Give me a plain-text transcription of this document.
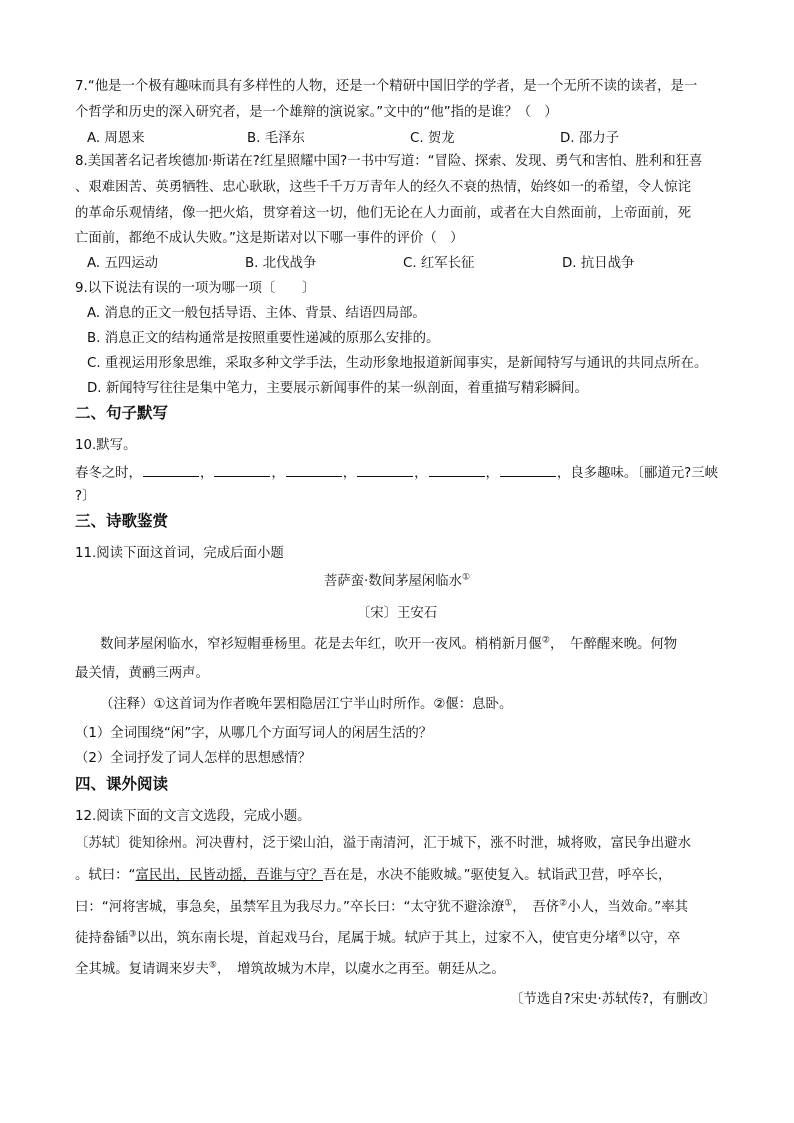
7.“他是一个极有趣味而具有多样性的人物，还是一个精研中国旧学的学者，是一个无所不读的读者，是一
个哲学和历史的深入研究者，是一个雄辩的演说家。”文中的“他”指的是谁？（　）
A. 周恩来	B. 毛泽东	C. 贺龙	D. 邵力子
8.美国著名记者埃德加·斯诺在?红星照耀中国?一书中写道：“冒险、探索、发现、勇气和害怕、胜利和狂喜
、艰难困苦、英勇牺牲、忠心耿耿，这些千千万万青年人的经久不衰的热情，始终如一的希望，令人惊诧
的革命乐观情绪，像一把火焰，贯穿着这一切，他们无论在人力面前，或者在大自然面前，上帝面前，死
亡面前，都绝不成认失败。”这是斯诺对以下哪一事件的评价（　）
A. 五四运动	B. 北伐战争	C. 红军长征	D. 抗日战争
9.以下说法有误的一项为哪一项〔　　〕
A. 消息的正文一般包括导语、主体、背景、结语四局部。
B. 消息正文的结构通常是按照重要性递减的原那么安排的。
C. 重视运用形象思维，采取多种文学手法，生动形象地报道新闻事实，是新闻特写与通讯的共同点所在。
D. 新闻特写往往是集中笔力，主要展示新闻事件的某一纵剖面，着重描写精彩瞬间。
二、句子默写
10.默写。
春冬之时，	，	，	，	，	，	，良多趣味。〔郦道元?三峡
?〕
三、诗歌鉴赏
11.阅读下面这首词，完成后面小题
菩萨蛮·数间茅屋闲临水①
〔宋〕王安石
数间茅屋闲临水，窄衫短帽垂杨里。花是去年红，吹开一夜风。梢梢新月偃②，　午醉醒来晚。何物
最关情，黄鹂三两声。
（注释）①这首词为作者晚年罢相隐居江宁半山时所作。②偃：息卧。
（1）全词围绕“闲”字，从哪几个方面写词人的闲居生活的？
（2）全词抒发了词人怎样的思想感情？
四、课外阅读
12.阅读下面的文言文选段，完成小题。
〔苏轼〕徙知徐州。河决曹村，泛于梁山泊，溢于南清河，汇于城下，涨不时泄，城将败，富民争出避水
。轼曰：“富民出，民皆动摇，吾谁与守？吾在是，水决不能败城。”驱使复入。轼诣武卫营，呼卒长，
曰：“河将害城，事急矣，虽禁军且为我尽力。”卒长曰：“太守犹不避涂潦①，　吾侪②小人，当效命。”率其
徒持畚锸③以出，筑东南长堤，首起戏马台，尾属于城。轼庐于其上，过家不入，使官吏分堵④以守，卒
全其城。复请调来岁夫⑤，　增筑故城为木岸，以虞水之再至。朝廷从之。
〔节选自?宋史·苏轼传?，有删改〕
